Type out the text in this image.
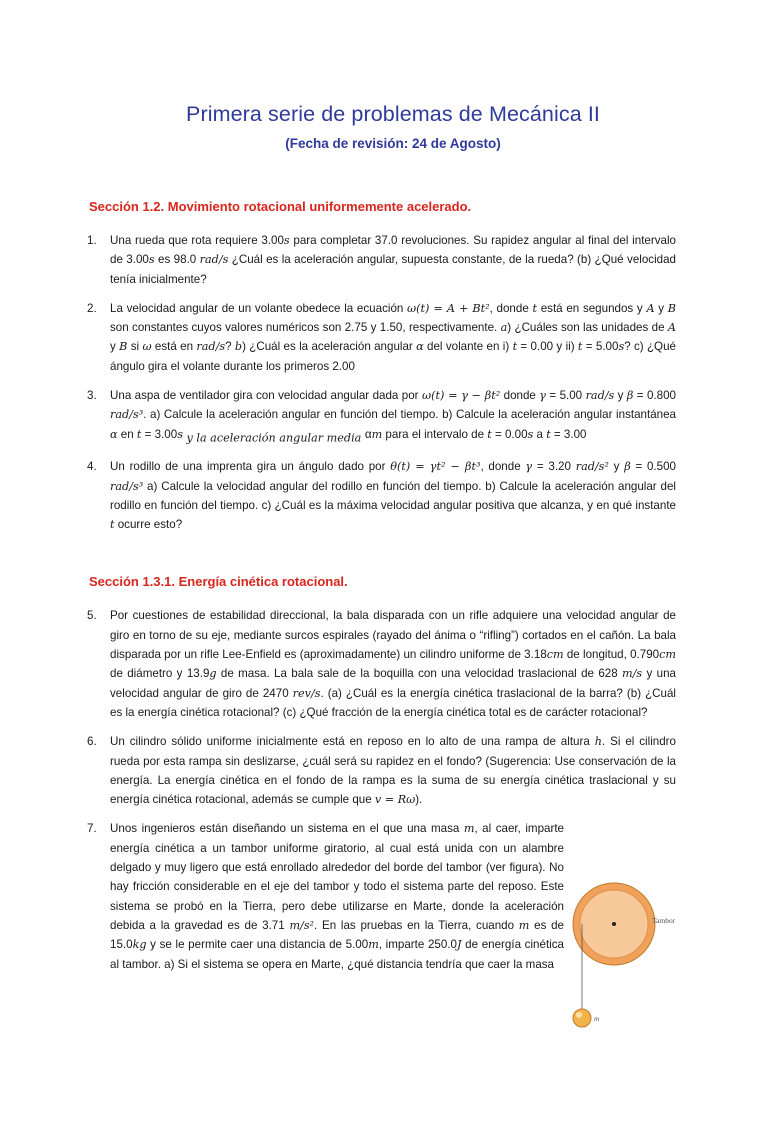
Primera serie de problemas de Mecánica II
(Fecha de revisión: 24 de Agosto)
Sección 1.2. Movimiento rotacional uniformemente acelerado.
1.	Una rueda que rota requiere 3.00s para completar 37.0 revoluciones. Su rapidez angular al final del intervalo de 3.00s es 98.0 rad/s ¿Cuál es la aceleración angular, supuesta constante, de la rueda? (b) ¿Qué velocidad tenía inicialmente?
2.	La velocidad angular de un volante obedece la ecuación ω(t) = A + Bt², donde t está en segundos y A y B son constantes cuyos valores numéricos son 2.75 y 1.50, respectivamente. a) ¿Cuáles son las unidades de A y B si ω está en rad/s? b) ¿Cuál es la aceleración angular α del volante en i) t = 0.00 y ii) t = 5.00s? c) ¿Qué ángulo gira el volante durante los primeros 2.00
3.	Una aspa de ventilador gira con velocidad angular dada por ω(t) = γ − βt² donde γ = 5.00 rad/s y β = 0.800 rad/s³. a) Calcule la aceleración angular en función del tiempo. b) Calcule la aceleración angular instantánea α en t = 3.00s $_{y la aceleración angular media}$ αm para el intervalo de t = 0.00s a t = 3.00
4.	Un rodillo de una imprenta gira un ángulo dado por θ(t) = γt² − βt³, donde γ = 3.20 rad/s² y β = 0.500 rad/s³ a) Calcule la velocidad angular del rodillo en función del tiempo. b) Calcule la aceleración angular del rodillo en función del tiempo. c) ¿Cuál es la máxima velocidad angular positiva que alcanza, y en qué instante t ocurre esto?
Sección 1.3.1. Energía cinética rotacional.
5.	Por cuestiones de estabilidad direccional, la bala disparada con un rifle adquiere una velocidad angular de giro en torno de su eje, mediante surcos espirales (rayado del ánima o “rifling”) cortados en el cañón. La bala disparada por un rifle Lee-Enfield es (aproximadamente) un cilindro uniforme de 3.18cm de longitud, 0.790cm de diámetro y 13.9g de masa. La bala sale de la boquilla con una velocidad traslacional de 628 m/s y una velocidad angular de giro de 2470 rev/s. (a) ¿Cuál es la energía cinética traslacional de la barra? (b) ¿Cuál es la energía cinética rotacional? (c) ¿Qué fracción de la energía cinética total es de carácter rotacional?
6.	Un cilindro sólido uniforme inicialmente está en reposo en lo alto de una rampa de altura h. Si el cilindro rueda por esta rampa sin deslizarse, ¿cuál será su rapidez en el fondo? (Sugerencia: Use conservación de la energía. La energía cinética en el fondo de la rampa es la suma de su energía cinética traslacional y su energía cinética rotacional, además se cumple que v = Rω).
7.	Unos ingenieros están diseñando un sistema en el que una masa m, al caer, imparte energía cinética a un tambor uniforme giratorio, al cual está unida con un alambre delgado y muy ligero que está enrollado alrededor del borde del tambor (ver figura). No hay fricción considerable en el eje del tambor y todo el sistema parte del reposo. Este sistema se probó en la Tierra, pero debe utilizarse en Marte, donde la aceleración debida a la gravedad es de 3.71 m/s². En las pruebas en la Tierra, cuando m es de 15.0kg y se le permite caer una distancia de 5.00m, imparte 250.0J de energía cinética al tambor. a) Si el sistema se opera en Marte, ¿qué distancia tendría que caer la masa
Tambor
m
